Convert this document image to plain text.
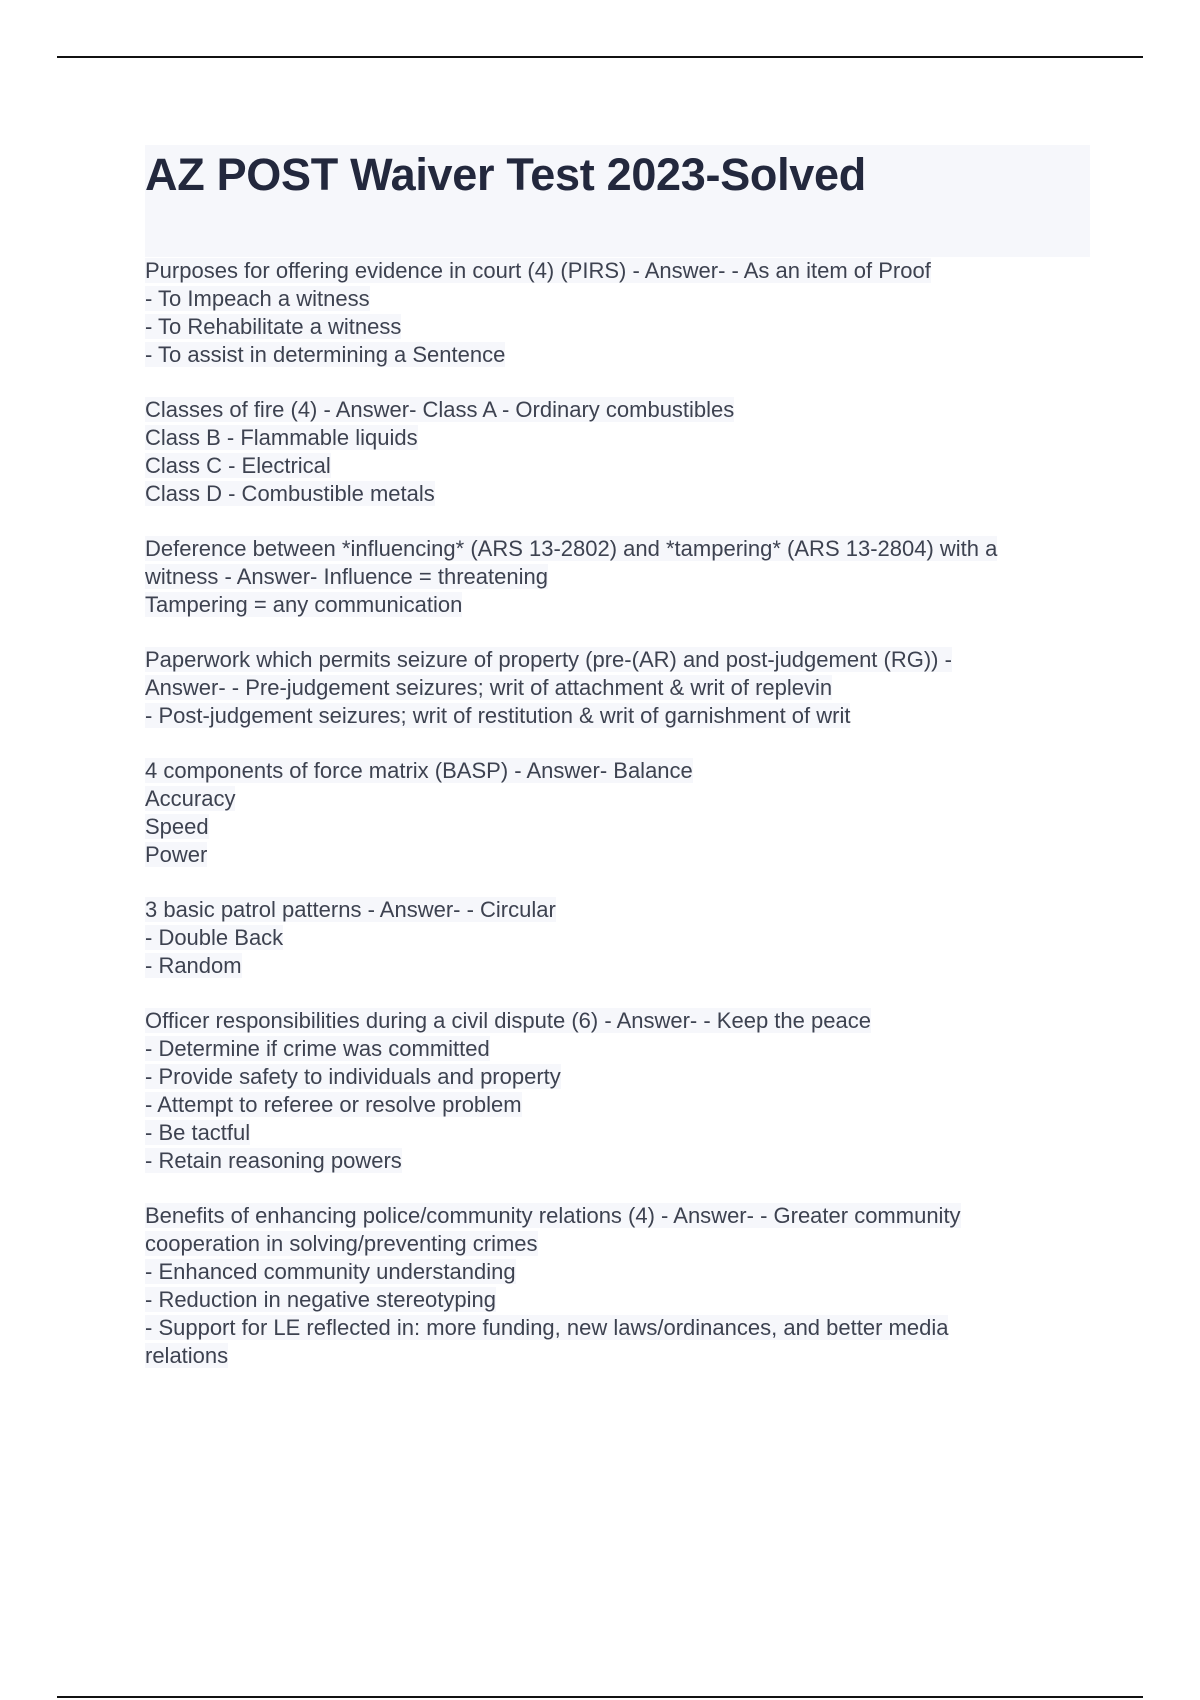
AZ POST Waiver Test 2023-Solved

Purposes for offering evidence in court (4) (PIRS) - Answer- - As an item of Proof
- To Impeach a witness
- To Rehabilitate a witness
- To assist in determining a Sentence

Classes of fire (4) - Answer- Class A - Ordinary combustibles
Class B - Flammable liquids
Class C - Electrical
Class D - Combustible metals

Deference between *influencing* (ARS 13-2802) and *tampering* (ARS 13-2804) with a
witness - Answer- Influence = threatening
Tampering = any communication

Paperwork which permits seizure of property (pre-(AR) and post-judgement (RG)) -
Answer- - Pre-judgement seizures; writ of attachment & writ of replevin
- Post-judgement seizures; writ of restitution & writ of garnishment of writ

4 components of force matrix (BASP) - Answer- Balance
Accuracy
Speed
Power

3 basic patrol patterns - Answer- - Circular
- Double Back
- Random

Officer responsibilities during a civil dispute (6) - Answer- - Keep the peace
- Determine if crime was committed
- Provide safety to individuals and property
- Attempt to referee or resolve problem
- Be tactful
- Retain reasoning powers

Benefits of enhancing police/community relations (4) - Answer- - Greater community
cooperation in solving/preventing crimes
- Enhanced community understanding
- Reduction in negative stereotyping
- Support for LE reflected in: more funding, new laws/ordinances, and better media
relations
